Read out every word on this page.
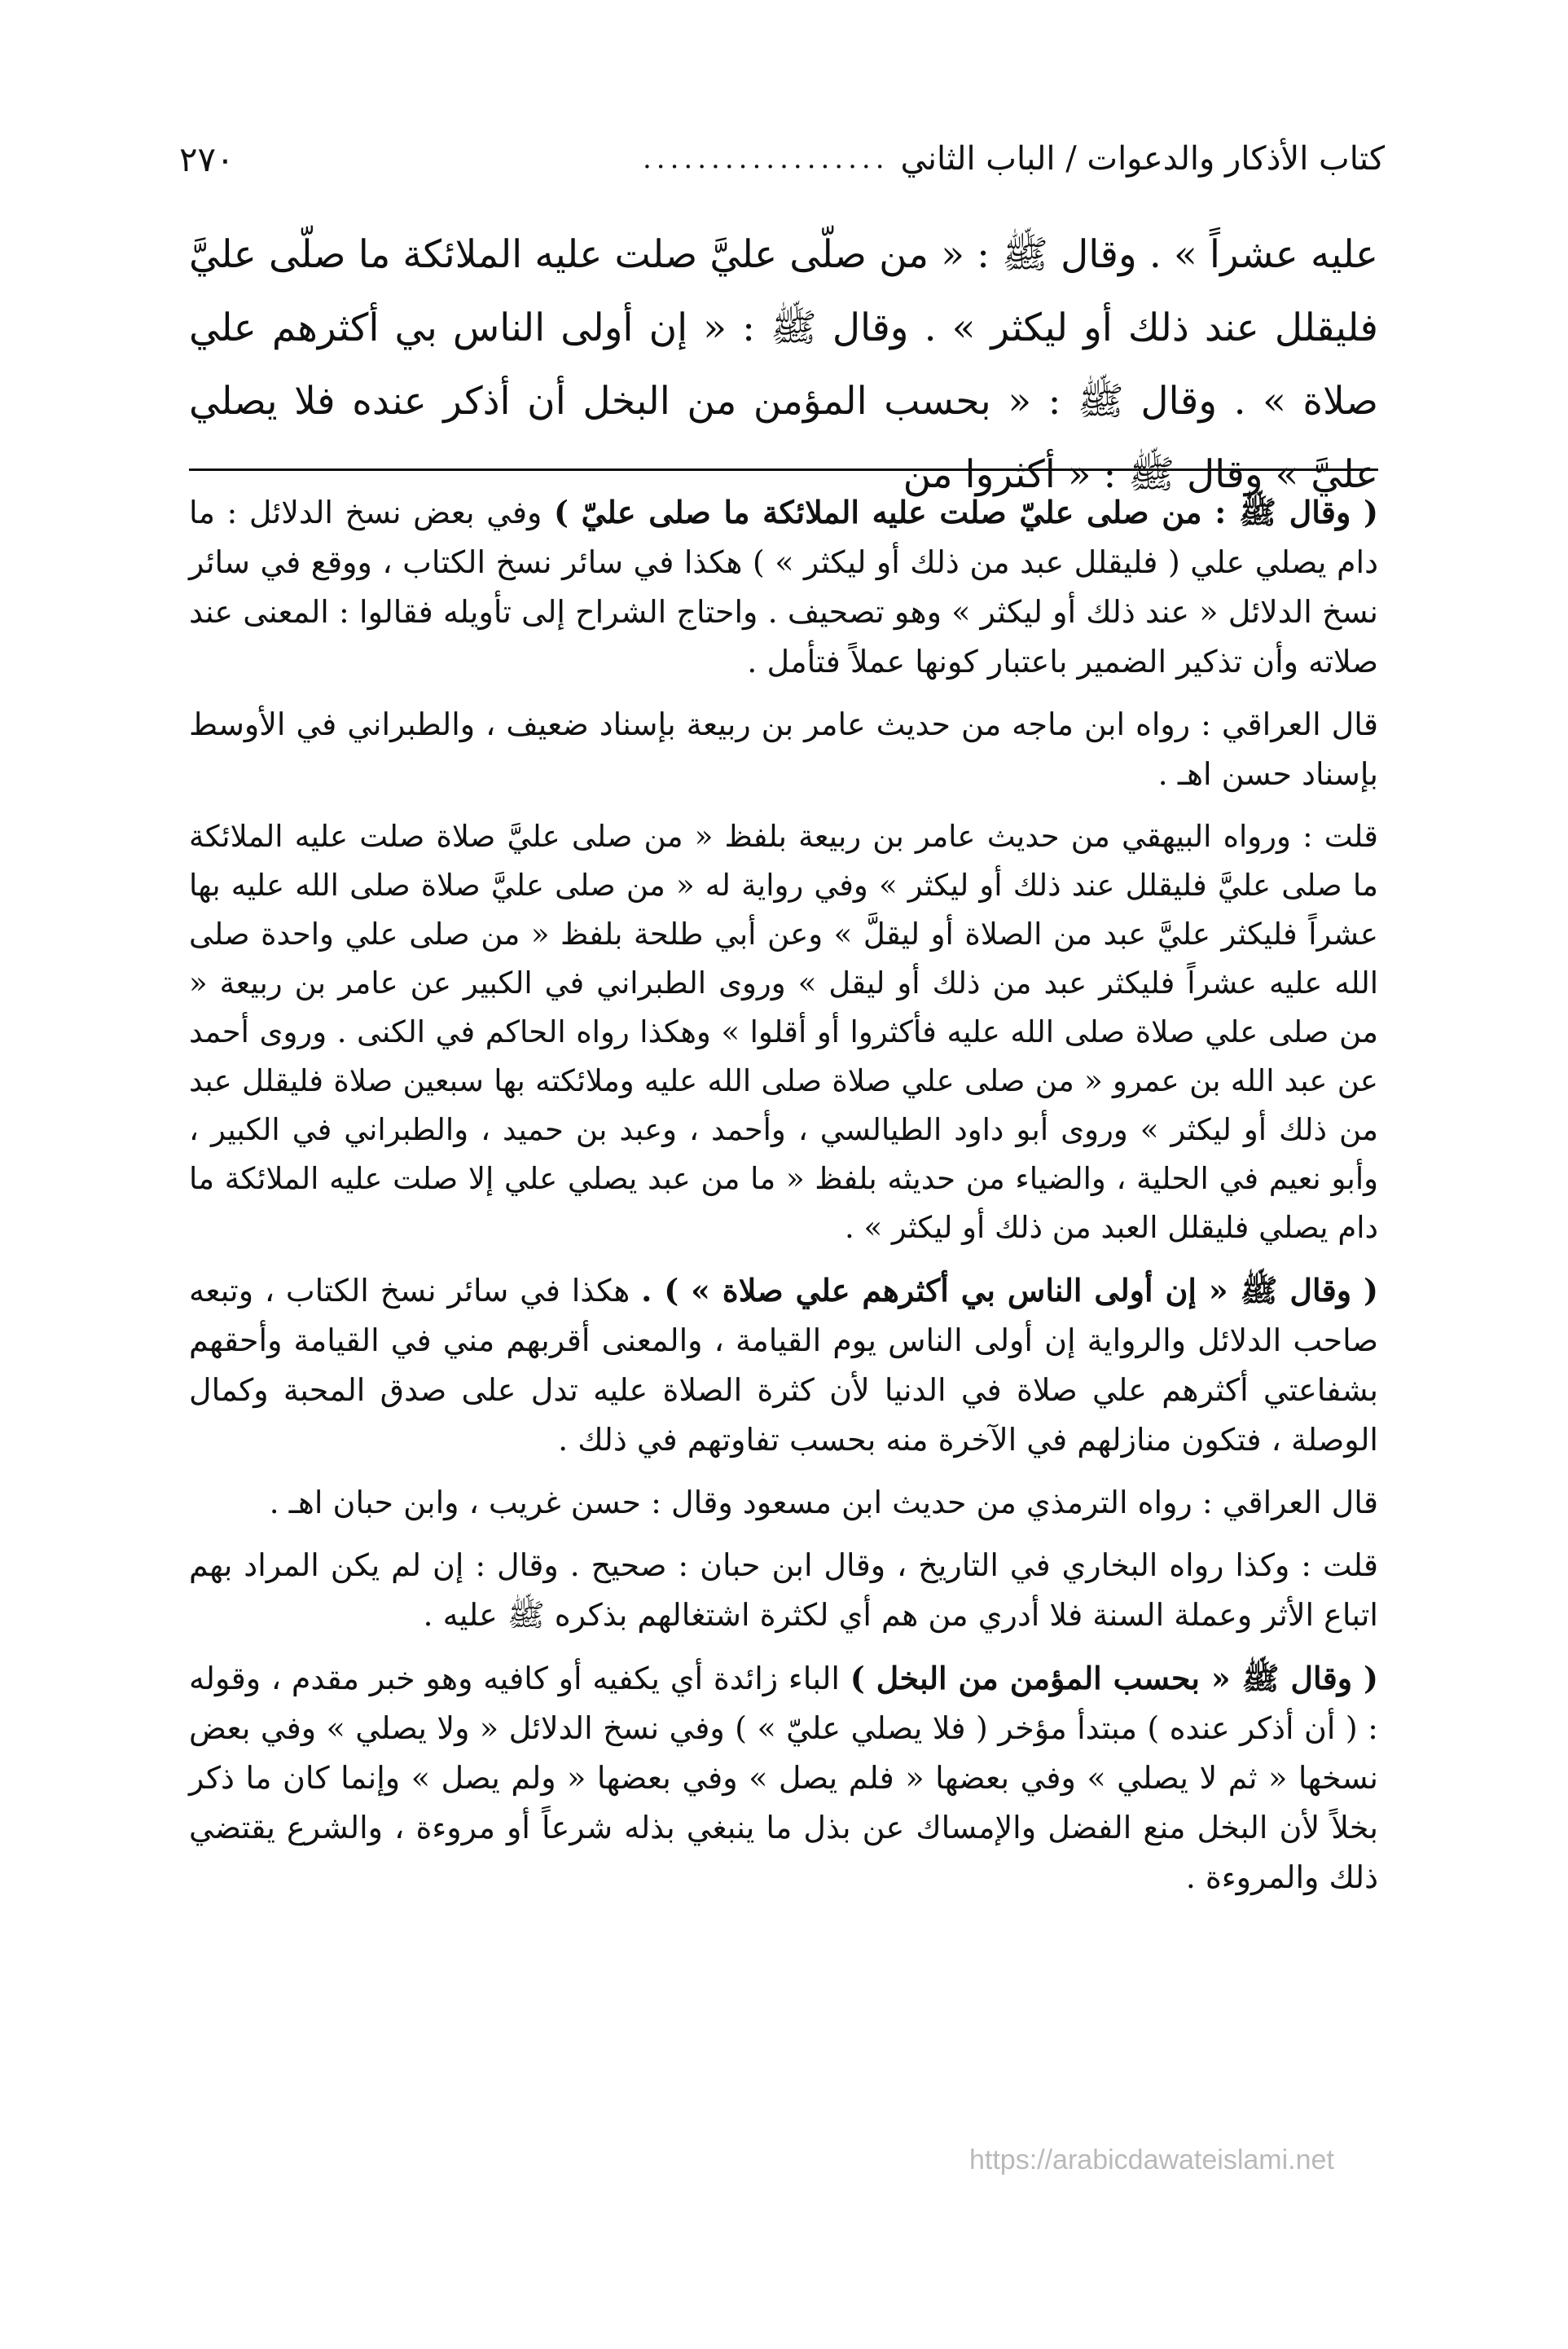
كتاب الأذكار والدعوات / الباب الثاني
..................
٢٧٠

عليه عشراً » . وقال ﷺ : « من صلّى عليَّ صلت عليه الملائكة ما صلّى عليَّ فليقلل عند ذلك أو ليكثر » . وقال ﷺ : « إن أولى الناس بي أكثرهم علي صلاة » . وقال ﷺ : « بحسب المؤمن من البخل أن أذكر عنده فلا يصلي عليَّ » وقال ﷺ : « أكثروا من

( وقال ﷺ : من صلى عليّ صلت عليه الملائكة ما صلى عليّ ) وفي بعض نسخ الدلائل : ما دام يصلي علي ( فليقلل عبد من ذلك أو ليكثر » ) هكذا في سائر نسخ الكتاب ، ووقع في سائر نسخ الدلائل « عند ذلك أو ليكثر » وهو تصحيف . واحتاج الشراح إلى تأويله فقالوا : المعنى عند صلاته وأن تذكير الضمير باعتبار كونها عملاً فتأمل .

قال العراقي : رواه ابن ماجه من حديث عامر بن ربيعة بإسناد ضعيف ، والطبراني في الأوسط بإسناد حسن اهـ .

قلت : ورواه البيهقي من حديث عامر بن ربيعة بلفظ « من صلى عليَّ صلاة صلت عليه الملائكة ما صلى عليَّ فليقلل عند ذلك أو ليكثر » وفي رواية له « من صلى عليَّ صلاة صلى الله عليه بها عشراً فليكثر عليَّ عبد من الصلاة أو ليقلَّ » وعن أبي طلحة بلفظ « من صلى علي واحدة صلى الله عليه عشراً فليكثر عبد من ذلك أو ليقل » وروى الطبراني في الكبير عن عامر بن ربيعة « من صلى علي صلاة صلى الله عليه فأكثروا أو أقلوا » وهكذا رواه الحاكم في الكنى . وروى أحمد عن عبد الله بن عمرو « من صلى علي صلاة صلى الله عليه وملائكته بها سبعين صلاة فليقلل عبد من ذلك أو ليكثر » وروى أبو داود الطيالسي ، وأحمد ، وعبد بن حميد ، والطبراني في الكبير ، وأبو نعيم في الحلية ، والضياء من حديثه بلفظ « ما من عبد يصلي علي إلا صلت عليه الملائكة ما دام يصلي فليقلل العبد من ذلك أو ليكثر » .

( وقال ﷺ « إن أولى الناس بي أكثرهم علي صلاة » ) . هكذا في سائر نسخ الكتاب ، وتبعه صاحب الدلائل والرواية إن أولى الناس يوم القيامة ، والمعنى أقربهم مني في القيامة وأحقهم بشفاعتي أكثرهم علي صلاة في الدنيا لأن كثرة الصلاة عليه تدل على صدق المحبة وكمال الوصلة ، فتكون منازلهم في الآخرة منه بحسب تفاوتهم في ذلك .

قال العراقي : رواه الترمذي من حديث ابن مسعود وقال : حسن غريب ، وابن حبان اهـ .

قلت : وكذا رواه البخاري في التاريخ ، وقال ابن حبان : صحيح . وقال : إن لم يكن المراد بهم اتباع الأثر وعملة السنة فلا أدري من هم أي لكثرة اشتغالهم بذكره ﷺ عليه .

( وقال ﷺ « بحسب المؤمن من البخل ) الباء زائدة أي يكفيه أو كافيه وهو خبر مقدم ، وقوله : ( أن أذكر عنده ) مبتدأ مؤخر ( فلا يصلي عليّ » ) وفي نسخ الدلائل « ولا يصلي » وفي بعض نسخها « ثم لا يصلي » وفي بعضها « فلم يصل » وفي بعضها « ولم يصل » وإنما كان ما ذكر بخلاً لأن البخل منع الفضل والإمساك عن بذل ما ينبغي بذله شرعاً أو مروءة ، والشرع يقتضي ذلك والمروءة .

https://arabicdawateislami.net
